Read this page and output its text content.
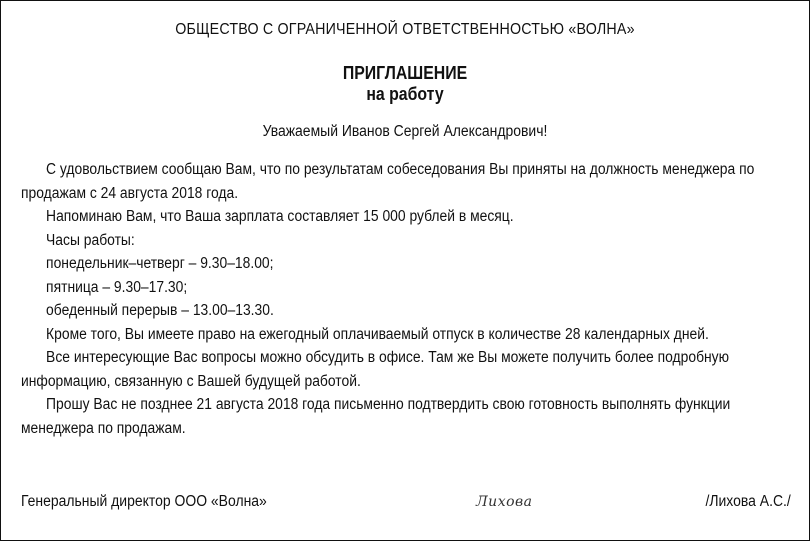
ОБЩЕСТВО С ОГРАНИЧЕННОЙ ОТВЕТСТВЕННОСТЬЮ «ВОЛНА»
ПРИГЛАШЕНИЕ
на работу
Уважаемый Иванов Сергей Александрович!

С удовольствием сообщаю Вам, что по результатам собеседования Вы приняты на должность менеджера по продажам с 24 августа 2018 года.

Напоминаю Вам, что Ваша зарплата составляет 15 000 рублей в месяц.

Часы работы:

понедельник–четверг – 9.30–18.00;

пятница – 9.30–17.30;

обеденный перерыв – 13.00–13.30.

Кроме того, Вы имеете право на ежегодный оплачиваемый отпуск в количестве 28 календарных дней.

Все интересующие Вас вопросы можно обсудить в офисе. Там же Вы можете получить более подробную информацию, связанную с Вашей будущей работой.

Прошу Вас не позднее 21 августа 2018 года письменно подтвердить свою готовность выполнять функции менеджера по продажам.

Генеральный директор ООО «Волна»	Лихова	/Лихова А.С./
